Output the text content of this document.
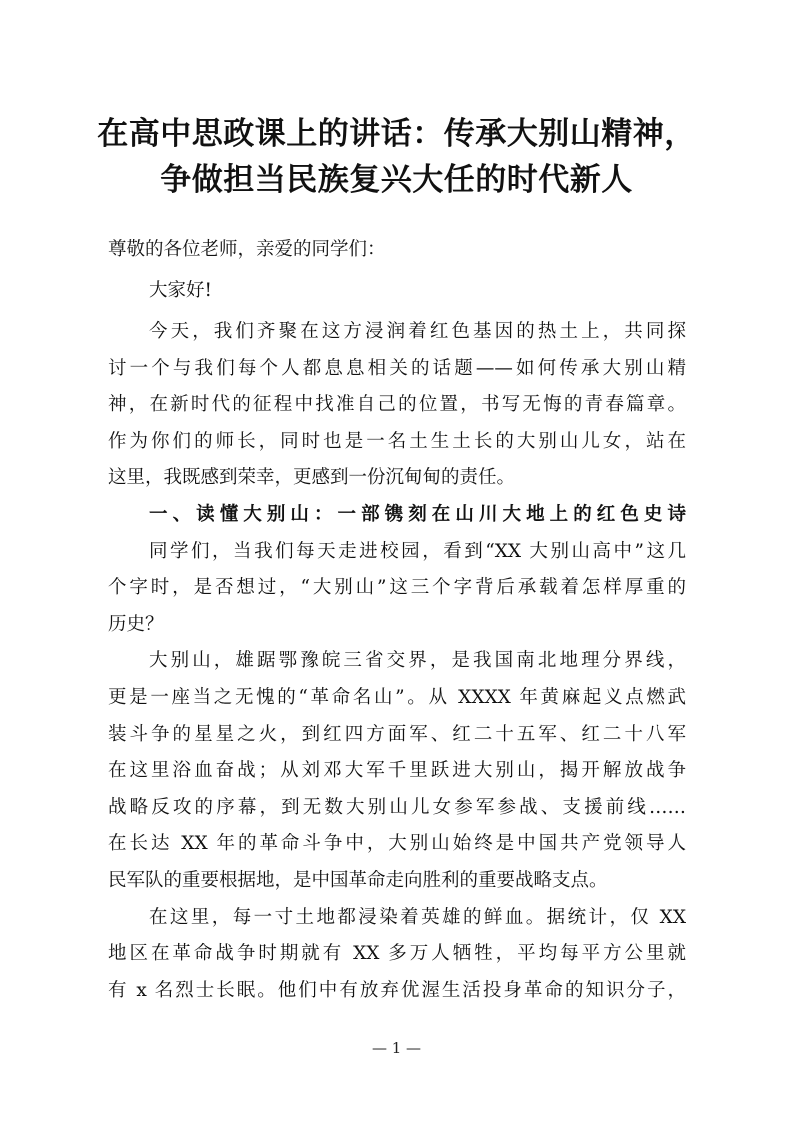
在高中思政课上的讲话：传承大别山精神，
争做担当民族复兴大任的时代新人
尊敬的各位老师，亲爱的同学们：
大家好!
今天，我们齐聚在这方浸润着红色基因的热土上，共同探
讨一个与我们每个人都息息相关的话题——如何传承大别山精
神，在新时代的征程中找准自己的位置，书写无悔的青春篇章。
作为你们的师长，同时也是一名土生土长的大别山儿女，站在
这里，我既感到荣幸，更感到一份沉甸甸的责任。
一、读懂大别山：一部镌刻在山川大地上的红色史诗
同学们，当我们每天走进校园，看到“XX 大别山高中”这几
个字时，是否想过，“大别山”这三个字背后承载着怎样厚重的
历史？
大别山，雄踞鄂豫皖三省交界，是我国南北地理分界线，
更是一座当之无愧的“革命名山”。从 XXXX 年黄麻起义点燃武
装斗争的星星之火，到红四方面军、红二十五军、红二十八军
在这里浴血奋战；从刘邓大军千里跃进大别山，揭开解放战争
战略反攻的序幕，到无数大别山儿女参军参战、支援前线……
在长达 XX 年的革命斗争中，大别山始终是中国共产党领导人
民军队的重要根据地，是中国革命走向胜利的重要战略支点。
在这里，每一寸土地都浸染着英雄的鲜血。据统计，仅 XX
地区在革命战争时期就有 XX 多万人牺牲，平均每平方公里就
有 x 名烈士长眠。他们中有放弃优渥生活投身革命的知识分子，
— 1 —
